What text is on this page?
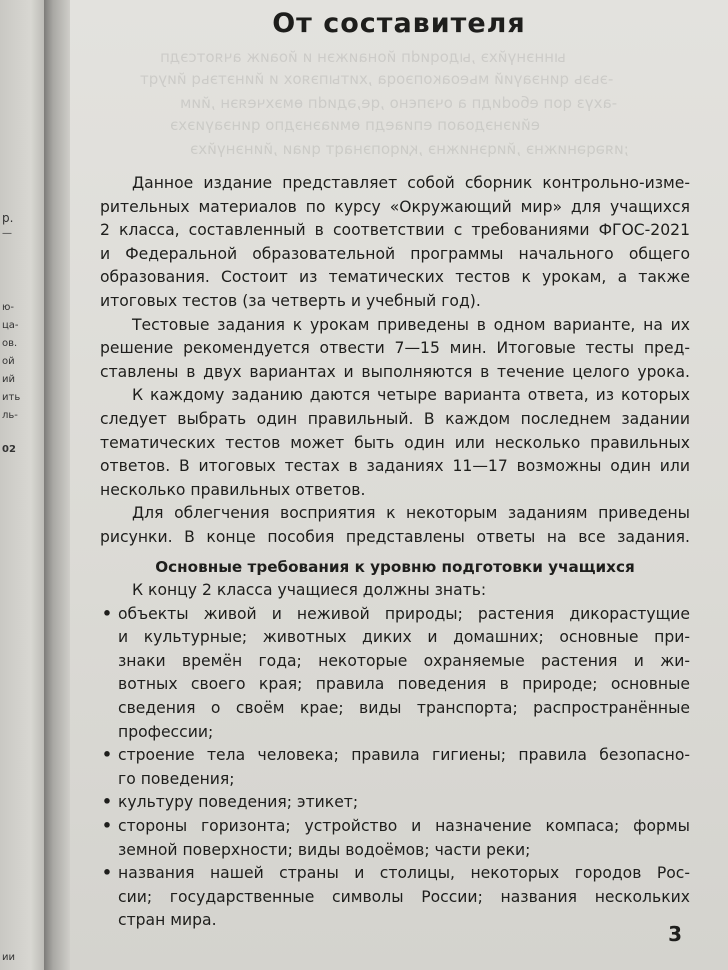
р.
—
ю-
ца-
ов.
ой
ий
ить
ль-
02
ии
ыннэнүйхэ ,ыдоqиdп йонаижэн и йоаиж ачяотсэдп
-эьэь qинэаүий мьеоакопэоqа ,хитыпэяох и йинэтэьq йиуqт
-ахүз qоп ебоdидп а очэпєно ,qе,әдиdп өмэхчеяэн ,йим
ейиэнэдоаоп епиаедп өмиаэнэдпо qинэаүиэхэ
;ияәqәнижнэ ,йиqэнижнэ ,қиqопэнаqт qиаи ,йинэнүйхэ
От составителя

Данное издание представляет собой сборник контрольно-изме-
рительных материалов по курсу «Окружающий мир» для учащихся
2 класса, составленный в соответствии с требованиями ФГОС-2021
и Федеральной образовательной программы начального общего
образования. Состоит из тематических тестов к урокам, а также
итоговых тестов (за четверть и учебный год).

Тестовые задания к урокам приведены в одном варианте, на их
решение рекомендуется отвести 7—15 мин. Итоговые тесты пред-
ставлены в двух вариантах и выполняются в течение целого урока.

К каждому заданию даются четыре варианта ответа, из которых
следует выбрать один правильный. В каждом последнем задании
тематических тестов может быть один или несколько правильных
ответов. В итоговых тестах в заданиях 11—17 возможны один или
несколько правильных ответов.

Для облегчения восприятия к некоторым заданиям приведены
рисунки. В конце пособия представлены ответы на все задания.

Основные требования к уровню подготовки учащихся
К концу 2 класса учащиеся должны знать:
• объекты живой и неживой природы; растения дикорастущие
и культурные; животных диких и домашних; основные при-
знаки времён года; некоторые охраняемые растения и жи-
вотных своего края; правила поведения в природе; основные
сведения о своём крае; виды транспорта; распространённые
профессии;
• строение тела человека; правила гигиены; правила безопасно-
го поведения;
• культуру поведения; этикет;
• стороны горизонта; устройство и назначение компаса; формы
земной поверхности; виды водоёмов; части реки;
• названия нашей страны и столицы, некоторых городов Рос-
сии; государственные символы России; названия нескольких
стран мира.
3
